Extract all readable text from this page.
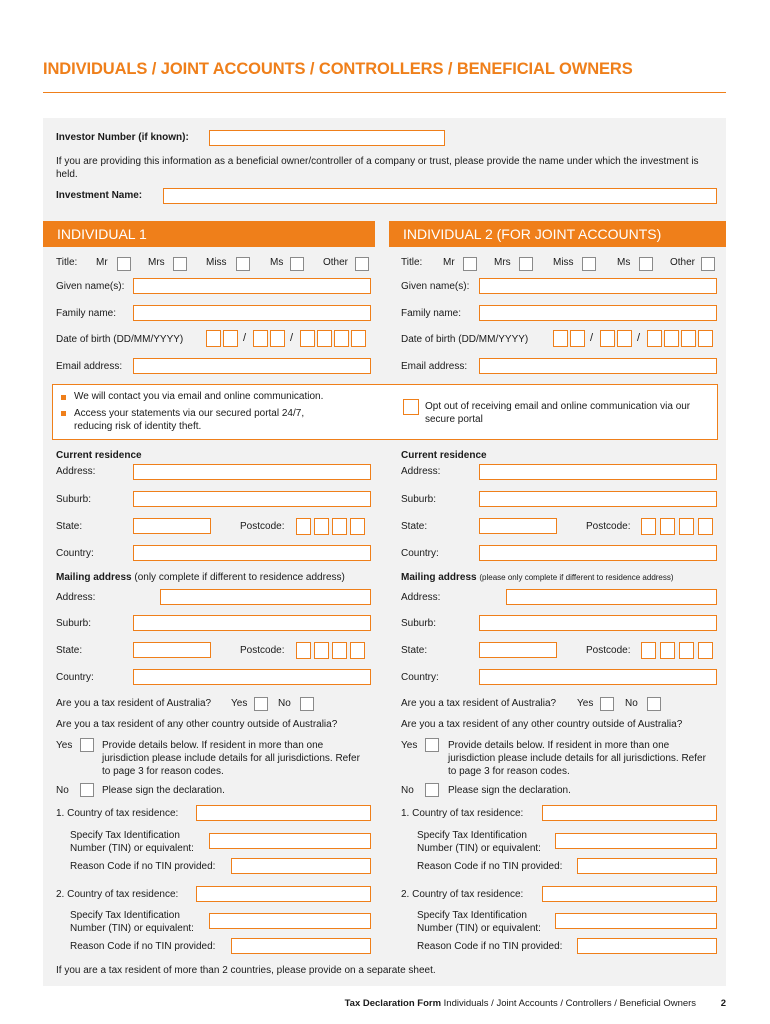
INDIVIDUALS / JOINT ACCOUNTS / CONTROLLERS / BENEFICIAL OWNERS
Investor Number (if known):
If you are providing this information as a beneficial owner/controller of a company or trust, please provide the name under which the investment is held.
Investment Name:
INDIVIDUAL 1	INDIVIDUAL 2 (FOR JOINT ACCOUNTS)
Title: Mr	Mrs	Miss	Ms	Other
Given name(s):
Family name:
Date of birth (DD/MM/YYYY)	/	/
Email address:
Title: Mr	Mrs	Miss	Ms	Other
Given name(s):
Family name:
Date of birth (DD/MM/YYYY)	/	/
Email address:
We will contact you via email and online communication.
Access your statements via our secured portal 24/7, reducing risk of identity theft.
Opt out of receiving email and online communication via our secure portal
Current residence
Address:
Suburb:
State:	Postcode:
Country:
Current residence
Address:
Suburb:
State:	Postcode:
Country:
Mailing address (only complete if different to residence address)
Address:
Suburb:
State:	Postcode:
Country:
Mailing address (please only complete if different to residence address)
Address:
Suburb:
State:	Postcode:
Country:
Are you a tax resident of Australia? Yes	No
Are you a tax resident of any other country outside of Australia?
Yes	Provide details below. If resident in more than one jurisdiction please include details for all jurisdictions. Refer to page 3 for reason codes.
No	Please sign the declaration.
1. Country of tax residence:
Specify Tax Identification Number (TIN) or equivalent:
Reason Code if no TIN provided:
2. Country of tax residence:
Specify Tax Identification Number (TIN) or equivalent:
Reason Code if no TIN provided:
Are you a tax resident of Australia? Yes	No
Are you a tax resident of any other country outside of Australia?
Yes	Provide details below. If resident in more than one jurisdiction please include details for all jurisdictions. Refer to page 3 for reason codes.
No	Please sign the declaration.
1. Country of tax residence:
Specify Tax Identification Number (TIN) or equivalent:
Reason Code if no TIN provided:
2. Country of tax residence:
Specify Tax Identification Number (TIN) or equivalent:
Reason Code if no TIN provided:
If you are a tax resident of more than 2 countries, please provide on a separate sheet.
Tax Declaration Form Individuals / Joint Accounts / Controllers / Beneficial Owners	2
